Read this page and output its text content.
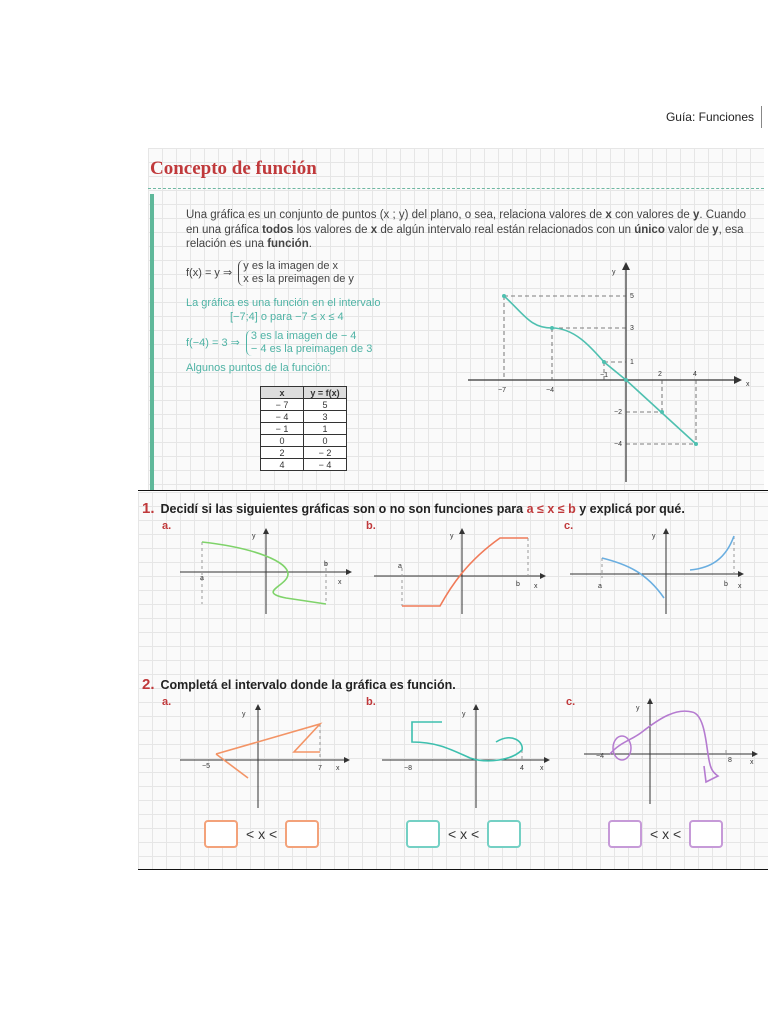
Guía: Funciones
Concepto de función
Una gráfica es un conjunto de puntos (x ; y) del plano, o sea, relaciona valores de x con valores de y. Cuando en una gráfica todos los valores de x de algún intervalo real están relacionados con un único valor de y, esa relación es una función.
f(x) = y ⇒
y es la imagen de x
x es la preimagen de y
La gráfica es una función en el intervalo
[−7;4] o para −7 ≤ x ≤ 4
f(−4) = 3 ⇒
3 es la imagen de − 4
− 4 es la preimagen de 3
Algunos puntos de la función:
x	y = f(x)
− 7	5
− 4	3
− 1	1
0	0
2	− 2
4	− 4
x
y
−7	−4
−1	2	4
5
3
1
−2
−4
1. Decidí si las siguientes gráficas son o no son funciones para a ≤ x ≤ b y explicá por qué.
a.	b.	c.
y
a
b
x
y
a
b x
y
a	b x
2. Completá el intervalo donde la gráfica es función.
a.	b.	c.
y
−5	7 x
y
−8	4 x
y
−4
8	x
< x <	< x <	< x <
